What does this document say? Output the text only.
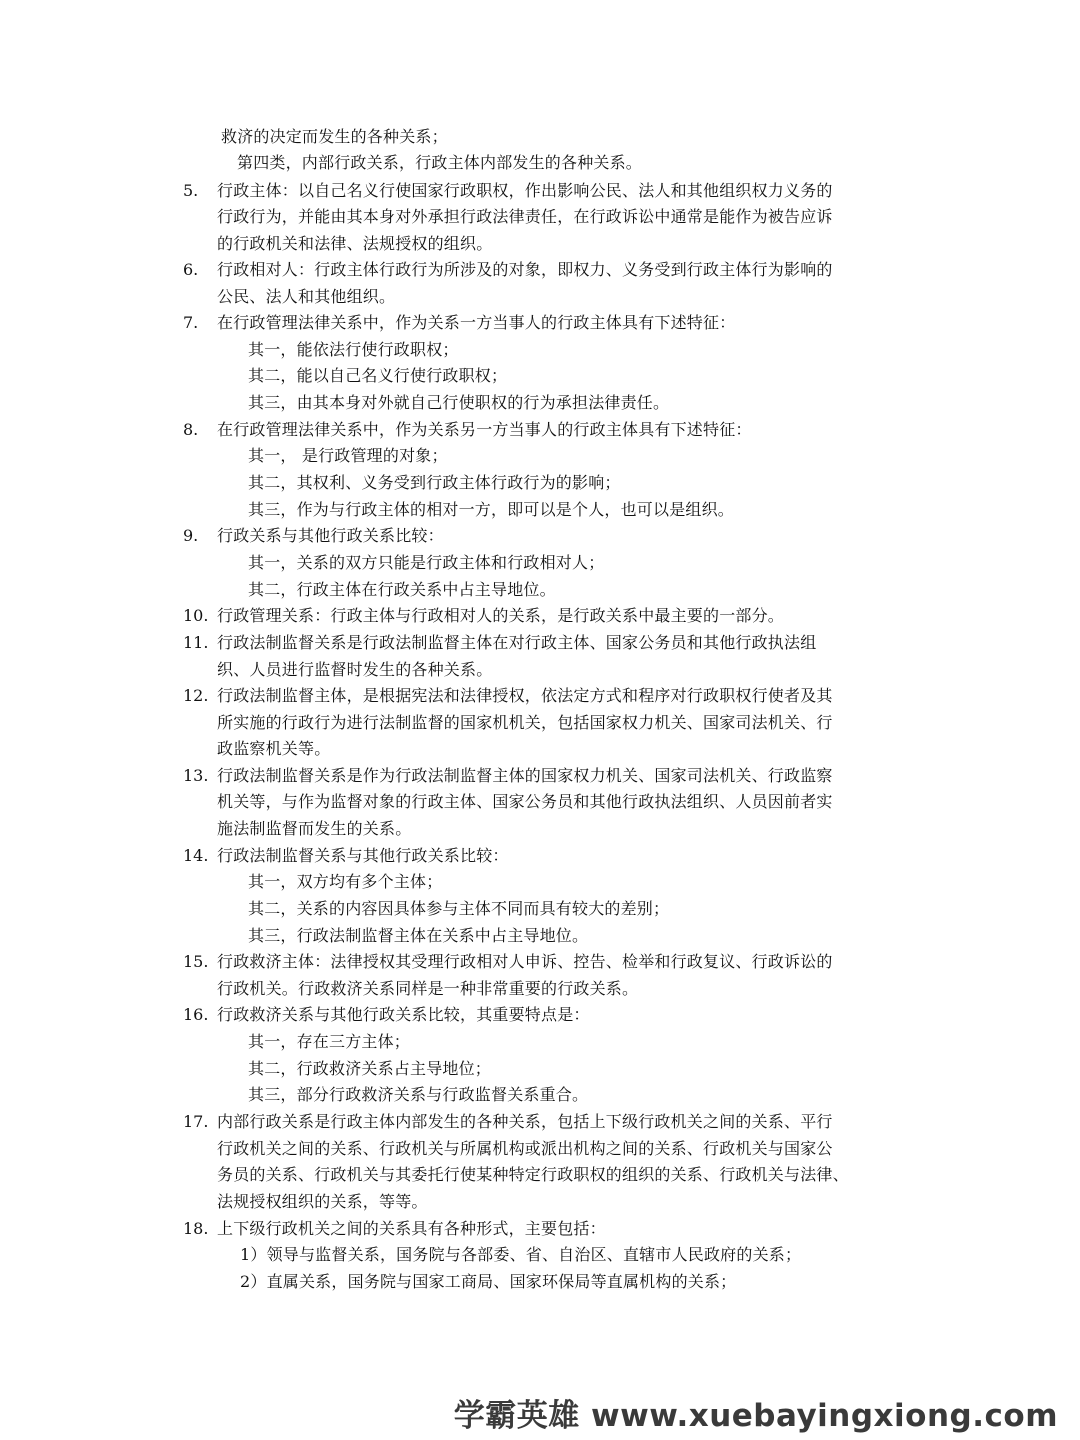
救济的决定而发生的各种关系；
第四类，内部行政关系，行政主体内部发生的各种关系。
5. 行政主体：以自己名义行使国家行政职权，作出影响公民、法人和其他组织权力义务的
行政行为，并能由其本身对外承担行政法律责任，在行政诉讼中通常是能作为被告应诉
的行政机关和法律、法规授权的组织。
6. 行政相对人：行政主体行政行为所涉及的对象，即权力、义务受到行政主体行为影响的
公民、法人和其他组织。
7. 在行政管理法律关系中，作为关系一方当事人的行政主体具有下述特征：
其一，能依法行使行政职权；
其二，能以自己名义行使行政职权；
其三，由其本身对外就自己行使职权的行为承担法律责任。
8. 在行政管理法律关系中，作为关系另一方当事人的行政主体具有下述特征：
其一， 是行政管理的对象；
其二，其权利、义务受到行政主体行政行为的影响；
其三，作为与行政主体的相对一方，即可以是个人，也可以是组织。
9. 行政关系与其他行政关系比较：
其一，关系的双方只能是行政主体和行政相对人；
其二，行政主体在行政关系中占主导地位。
10. 行政管理关系：行政主体与行政相对人的关系，是行政关系中最主要的一部分。
11. 行政法制监督关系是行政法制监督主体在对行政主体、国家公务员和其他行政执法组
织、人员进行监督时发生的各种关系。
12. 行政法制监督主体，是根据宪法和法律授权，依法定方式和程序对行政职权行使者及其
所实施的行政行为进行法制监督的国家机机关，包括国家权力机关、国家司法机关、行
政监察机关等。
13. 行政法制监督关系是作为行政法制监督主体的国家权力机关、国家司法机关、行政监察
机关等，与作为监督对象的行政主体、国家公务员和其他行政执法组织、人员因前者实
施法制监督而发生的关系。
14. 行政法制监督关系与其他行政关系比较：
其一，双方均有多个主体；
其二，关系的内容因具体参与主体不同而具有较大的差别；
其三，行政法制监督主体在关系中占主导地位。
15. 行政救济主体：法律授权其受理行政相对人申诉、控告、检举和行政复议、行政诉讼的
行政机关。行政救济关系同样是一种非常重要的行政关系。
16. 行政救济关系与其他行政关系比较，其重要特点是：
其一，存在三方主体；
其二，行政救济关系占主导地位；
其三，部分行政救济关系与行政监督关系重合。
17. 内部行政关系是行政主体内部发生的各种关系，包括上下级行政机关之间的关系、平行
行政机关之间的关系、行政机关与所属机构或派出机构之间的关系、行政机关与国家公
务员的关系、行政机关与其委托行使某种特定行政职权的组织的关系、行政机关与法律、
法规授权组织的关系，等等。
18. 上下级行政机关之间的关系具有各种形式，主要包括：
1）领导与监督关系，国务院与各部委、省、自治区、直辖市人民政府的关系；
2）直属关系，国务院与国家工商局、国家环保局等直属机构的关系；
学霸英雄 www.xuebayingxiong.com
